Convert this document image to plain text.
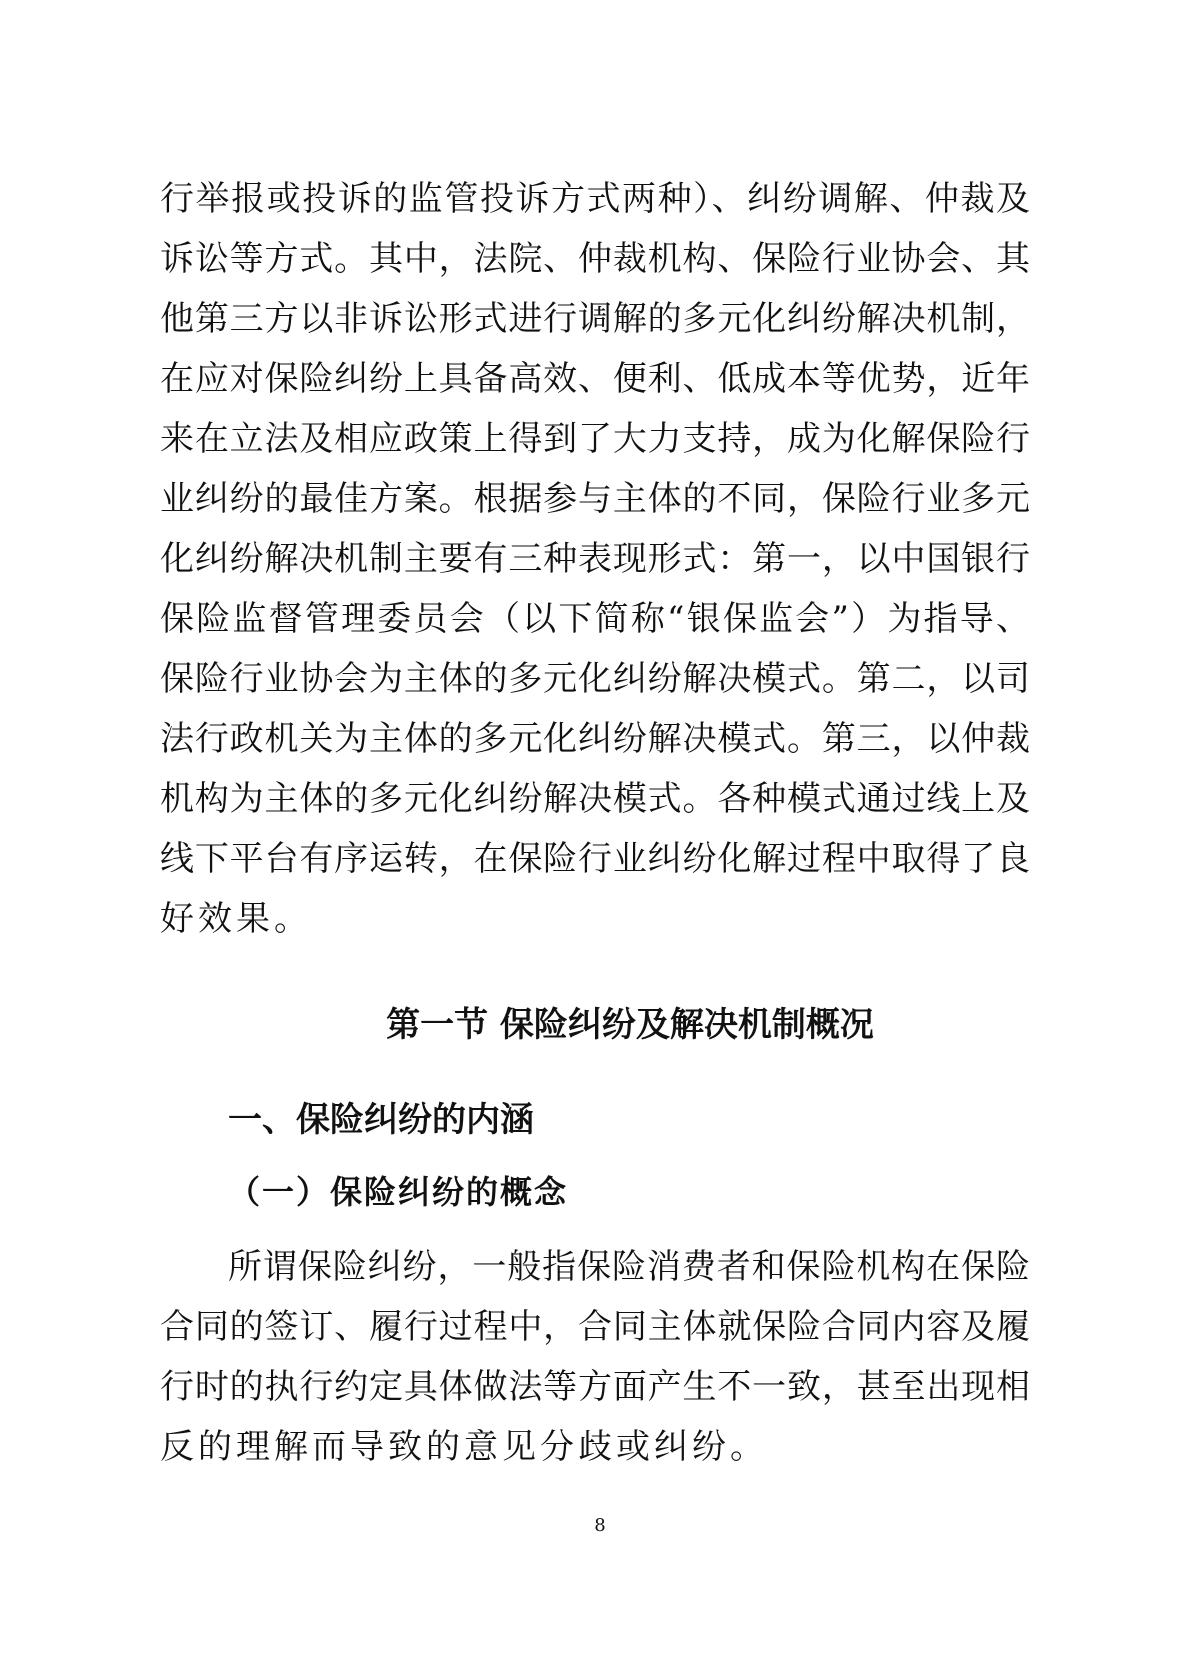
行举报或投诉的监管投诉方式两种）、纠纷调解、仲裁及
诉讼等方式。其中，法院、仲裁机构、保险行业协会、其
他第三方以非诉讼形式进行调解的多元化纠纷解决机制，
在应对保险纠纷上具备高效、便利、低成本等优势，近年
来在立法及相应政策上得到了大力支持，成为化解保险行
业纠纷的最佳方案。根据参与主体的不同，保险行业多元
化纠纷解决机制主要有三种表现形式：第一，以中国银行
保险监督管理委员会（以下简称“银保监会”）为指导、
保险行业协会为主体的多元化纠纷解决模式。第二，以司
法行政机关为主体的多元化纠纷解决模式。第三，以仲裁
机构为主体的多元化纠纷解决模式。各种模式通过线上及
线下平台有序运转，在保险行业纠纷化解过程中取得了良
好效果。
第一节 保险纠纷及解决机制概况
一、保险纠纷的内涵
（一）保险纠纷的概念
所谓保险纠纷，一般指保险消费者和保险机构在保险
合同的签订、履行过程中，合同主体就保险合同内容及履
行时的执行约定具体做法等方面产生不一致，甚至出现相
反的理解而导致的意见分歧或纠纷。
8
